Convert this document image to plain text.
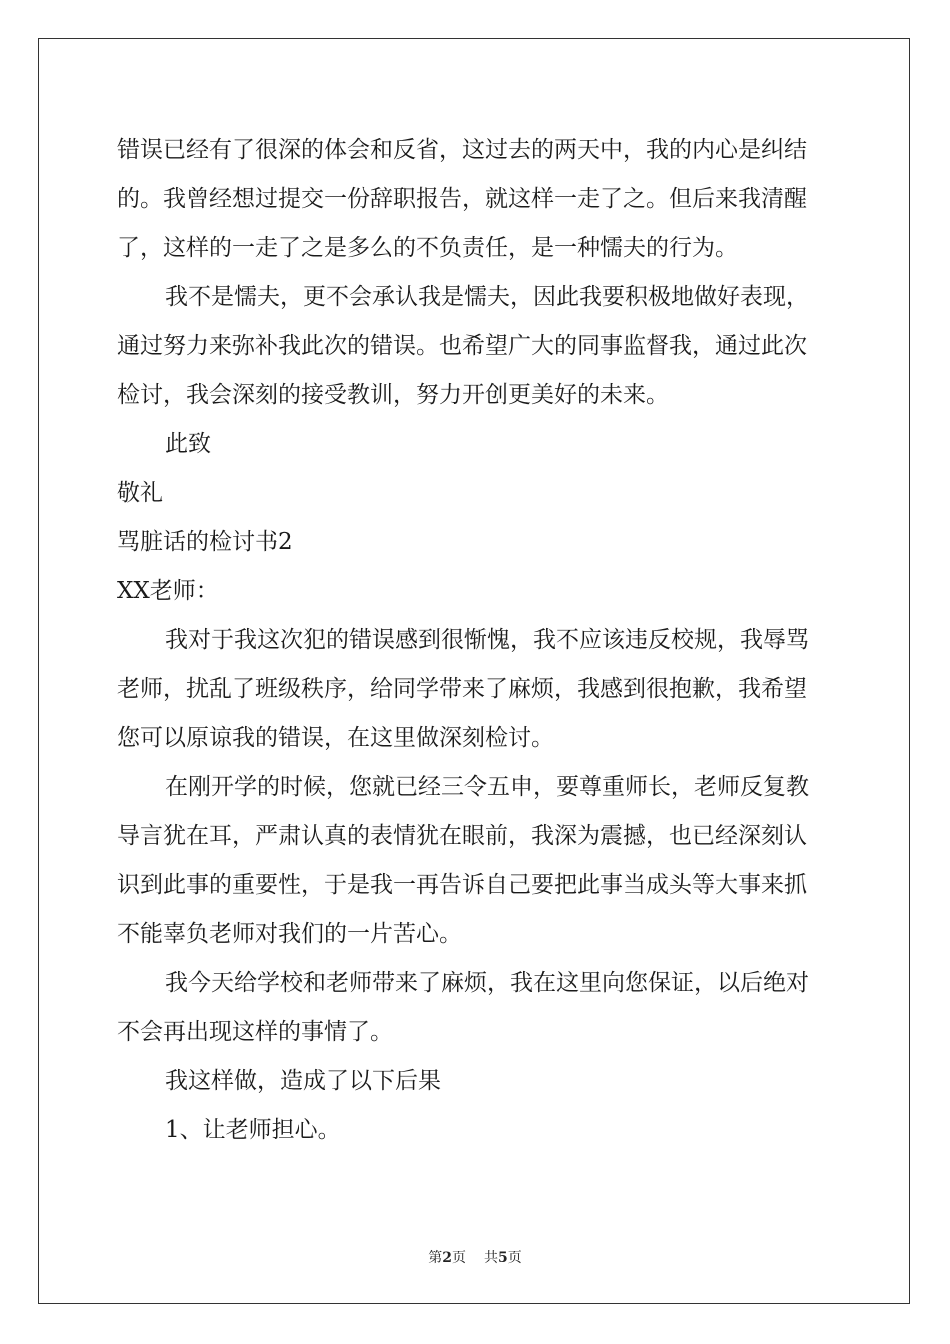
错误已经有了很深的体会和反省，这过去的两天中，我的内心是纠结

的。我曾经想过提交一份辞职报告，就这样一走了之。但后来我清醒

了，这样的一走了之是多么的不负责任，是一种懦夫的行为。

我不是懦夫，更不会承认我是懦夫，因此我要积极地做好表现，

通过努力来弥补我此次的错误。也希望广大的同事监督我，通过此次

检讨，我会深刻的接受教训，努力开创更美好的未来。

此致

敬礼

骂脏话的检讨书2

XX老师：

我对于我这次犯的错误感到很惭愧，我不应该违反校规，我辱骂

老师，扰乱了班级秩序，给同学带来了麻烦，我感到很抱歉，我希望

您可以原谅我的错误，在这里做深刻检讨。

在刚开学的时候，您就已经三令五申，要尊重师长，老师反复教

导言犹在耳，严肃认真的表情犹在眼前，我深为震撼，也已经深刻认

识到此事的重要性，于是我一再告诉自己要把此事当成头等大事来抓

不能辜负老师对我们的一片苦心。

我今天给学校和老师带来了麻烦，我在这里向您保证，以后绝对

不会再出现这样的事情了。

我这样做，造成了以下后果

1、让老师担心。

第2页 共5页
